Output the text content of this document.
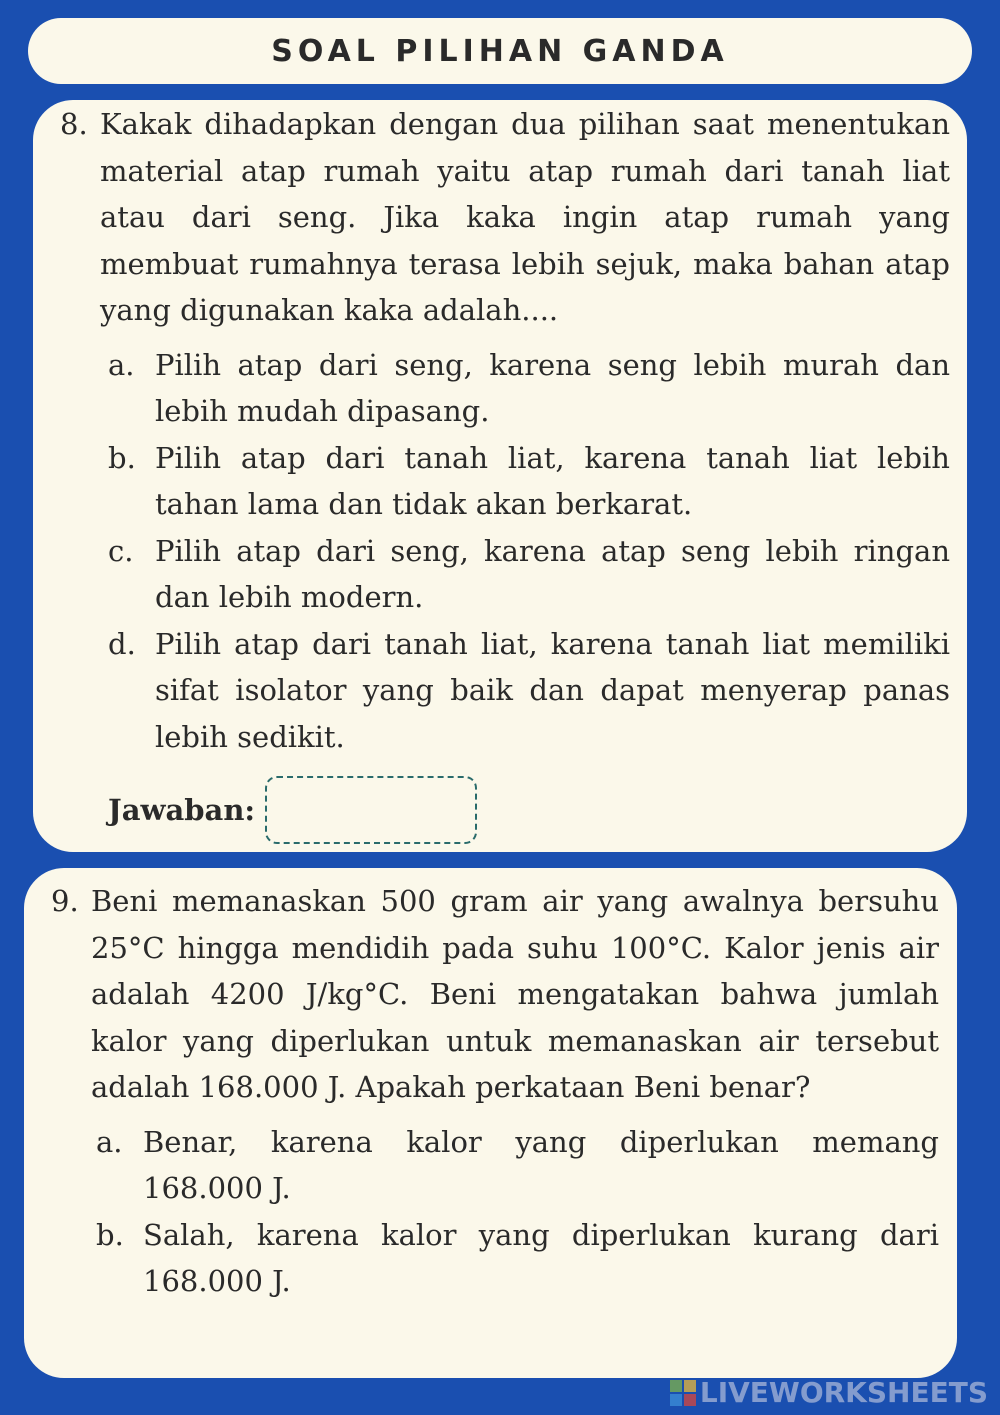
SOAL PILIHAN GANDA
8. Kakak dihadapkan dengan dua pilihan saat menentukan material atap rumah yaitu atap rumah dari tanah liat atau dari seng. Jika kaka ingin atap rumah yang membuat rumahnya terasa lebih sejuk, maka bahan atap yang digunakan kaka adalah....
a. Pilih atap dari seng, karena seng lebih murah dan lebih mudah dipasang.
b. Pilih atap dari tanah liat, karena tanah liat lebih tahan lama dan tidak akan berkarat.
c. Pilih atap dari seng, karena atap seng lebih ringan dan lebih modern.
d. Pilih atap dari tanah liat, karena tanah liat memiliki sifat isolator yang baik dan dapat menyerap panas lebih sedikit.
Jawaban:
9. Beni memanaskan 500 gram air yang awalnya bersuhu 25°C hingga mendidih pada suhu 100°C. Kalor jenis air adalah 4200 J/kg°C. Beni mengatakan bahwa jumlah kalor yang diperlukan untuk memanaskan air tersebut adalah 168.000 J. Apakah perkataan Beni benar?
a. Benar, karena kalor yang diperlukan memang 168.000 J.
b. Salah, karena kalor yang diperlukan kurang dari 168.000 J.
LIVEWORKSHEETS
